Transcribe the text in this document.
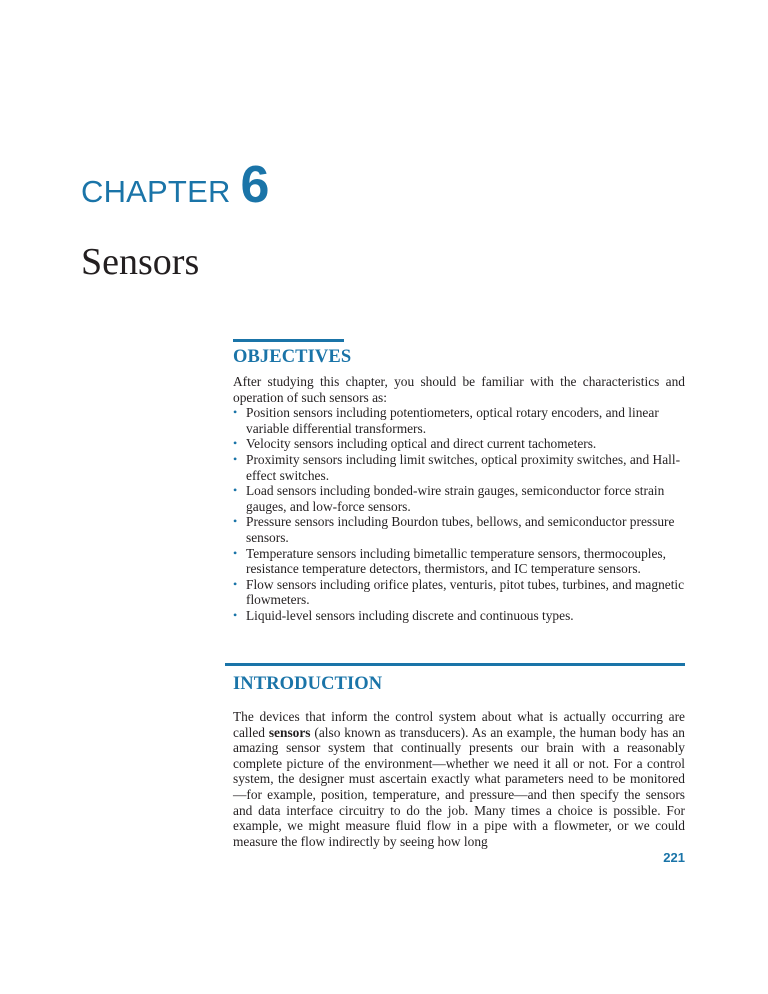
CHAPTER 6
Sensors
OBJECTIVES

After studying this chapter, you should be familiar with the characteristics and operation of such sensors as:

• Position sensors including potentiometers, optical rotary encoders, and linear variable differential transformers.
• Velocity sensors including optical and direct current tachometers.
• Proximity sensors including limit switches, optical proximity switches, and Hall-effect switches.
• Load sensors including bonded-wire strain gauges, semiconductor force strain gauges, and low-force sensors.
• Pressure sensors including Bourdon tubes, bellows, and semiconductor pressure sensors.
• Temperature sensors including bimetallic temperature sensors, thermocouples, resistance temperature detectors, thermistors, and IC temperature sensors.
• Flow sensors including orifice plates, venturis, pitot tubes, turbines, and magnetic flowmeters.
• Liquid-level sensors including discrete and continuous types.
INTRODUCTION

The devices that inform the control system about what is actually occurring are called sensors (also known as transducers). As an example, the human body has an amazing sensor system that continually presents our brain with a reasonably complete picture of the environment—whether we need it all or not. For a control system, the designer must ascertain exactly what parameters need to be monitored—for example, position, temperature, and pressure—and then specify the sensors and data interface circuitry to do the job. Many times a choice is possible. For example, we might measure fluid flow in a pipe with a flowmeter, or we could measure the flow indirectly by seeing how long

221
